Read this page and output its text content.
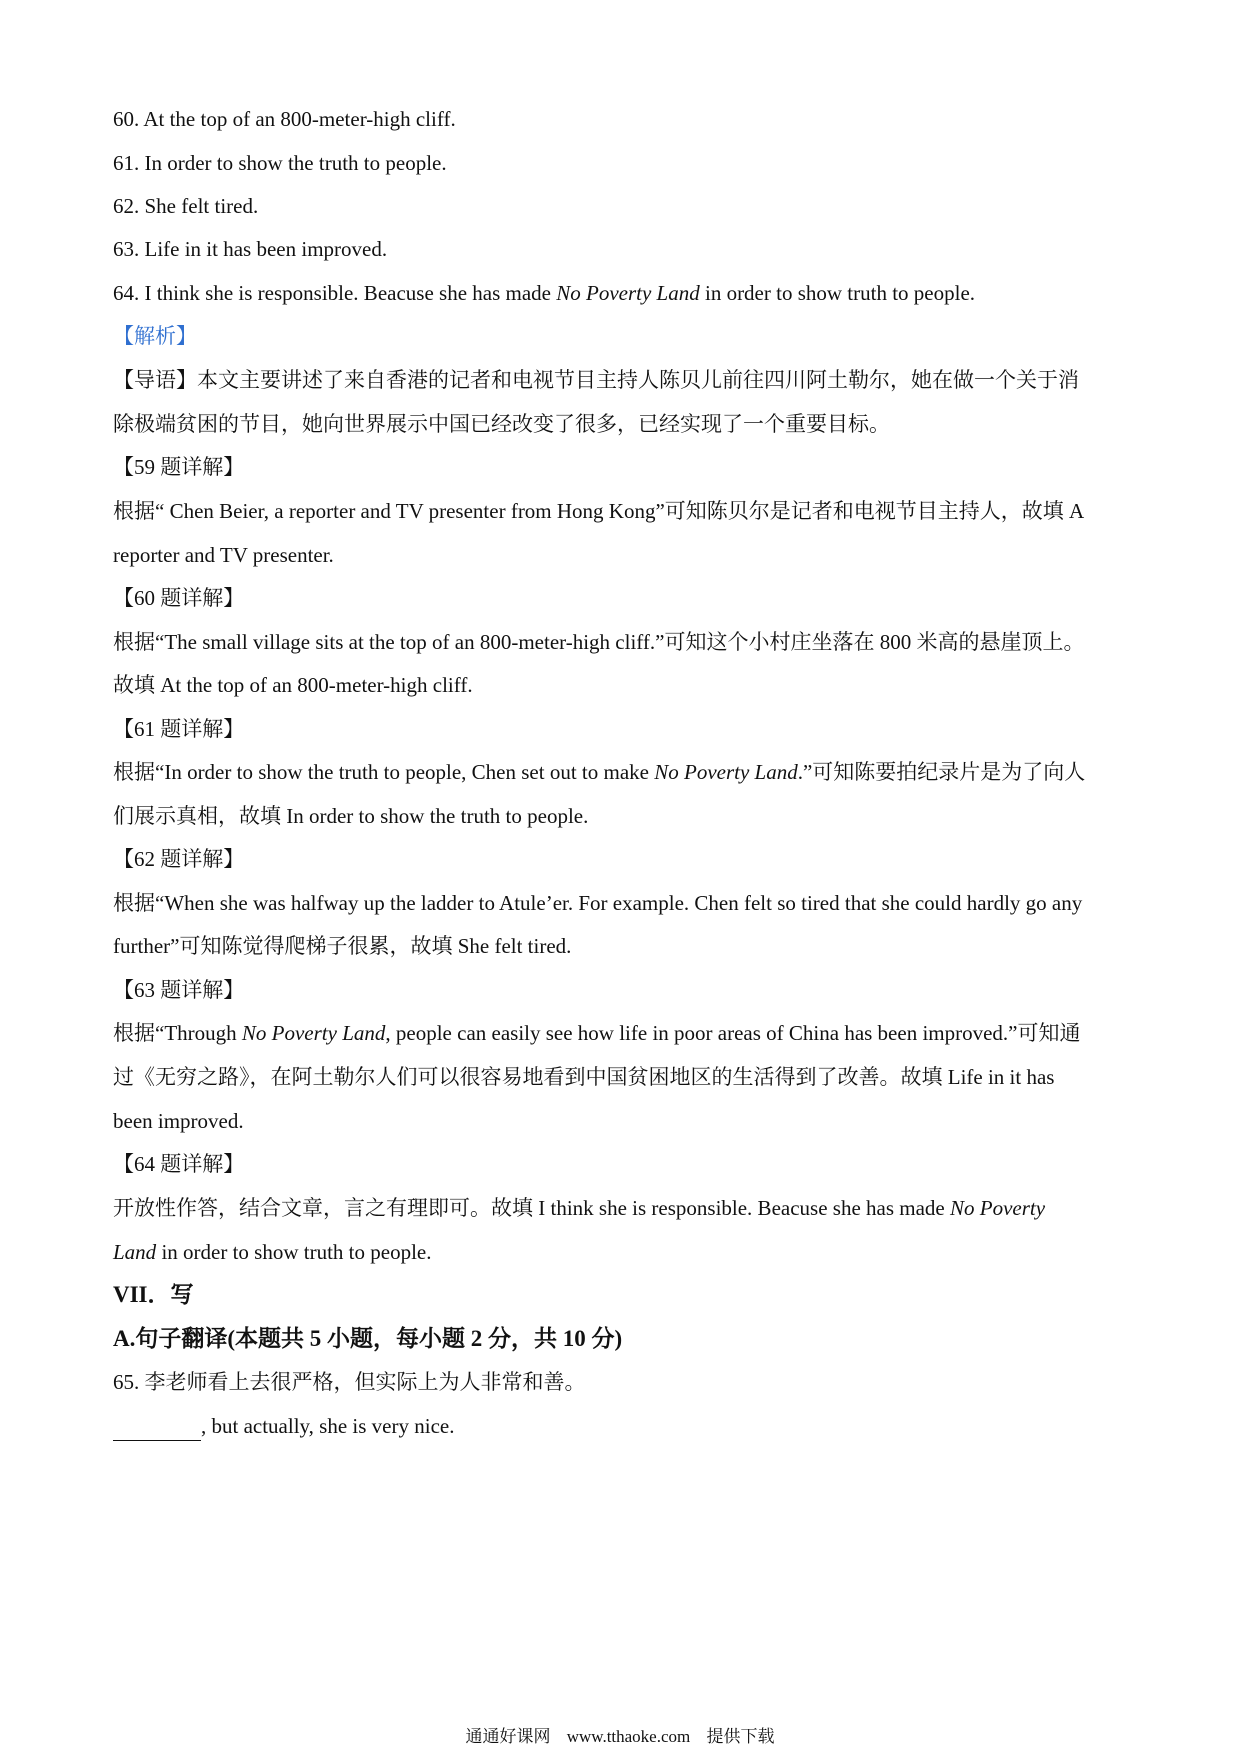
60. At the top of an 800-meter-high cliff.
61. In order to show the truth to people.
62. She felt tired.
63. Life in it has been improved.
64. I think she is responsible. Beacuse she has made No Poverty Land in order to show truth to people.
【解析】
【导语】本文主要讲述了来自香港的记者和电视节目主持人陈贝儿前往四川阿土勒尔，她在做一个关于消
除极端贫困的节目，她向世界展示中国已经改变了很多，已经实现了一个重要目标。
【59 题详解】
根据“ Chen Beier, a reporter and TV presenter from Hong Kong”可知陈贝尔是记者和电视节目主持人，故填 A
reporter and TV presenter.
【60 题详解】
根据“The small village sits at the top of an 800-meter-high cliff.”可知这个小村庄坐落在 800 米高的悬崖顶上。
故填 At the top of an 800-meter-high cliff.
【61 题详解】
根据“In order to show the truth to people, Chen set out to make No Poverty Land.”可知陈要拍纪录片是为了向人
们展示真相，故填 In order to show the truth to people.
【62 题详解】
根据“When she was halfway up the ladder to Atule’er. For example. Chen felt so tired that she could hardly go any
further”可知陈觉得爬梯子很累，故填 She felt tired.
【63 题详解】
根据“Through No Poverty Land, people can easily see how life in poor areas of China has been improved.”可知通
过《无穷之路》，在阿土勒尔人们可以很容易地看到中国贫困地区的生活得到了改善。故填 Life in it has
been improved.
【64 题详解】
开放性作答，结合文章，言之有理即可。故填 I think she is responsible. Beacuse she has made No Poverty
Land in order to show truth to people.
VII．写
A.句子翻译(本题共 5 小题，每小题 2 分，共 10 分)
65. 李老师看上去很严格，但实际上为人非常和善。
, but actually, she is very nice.
通通好课网 www.tthaoke.com 提供下载
